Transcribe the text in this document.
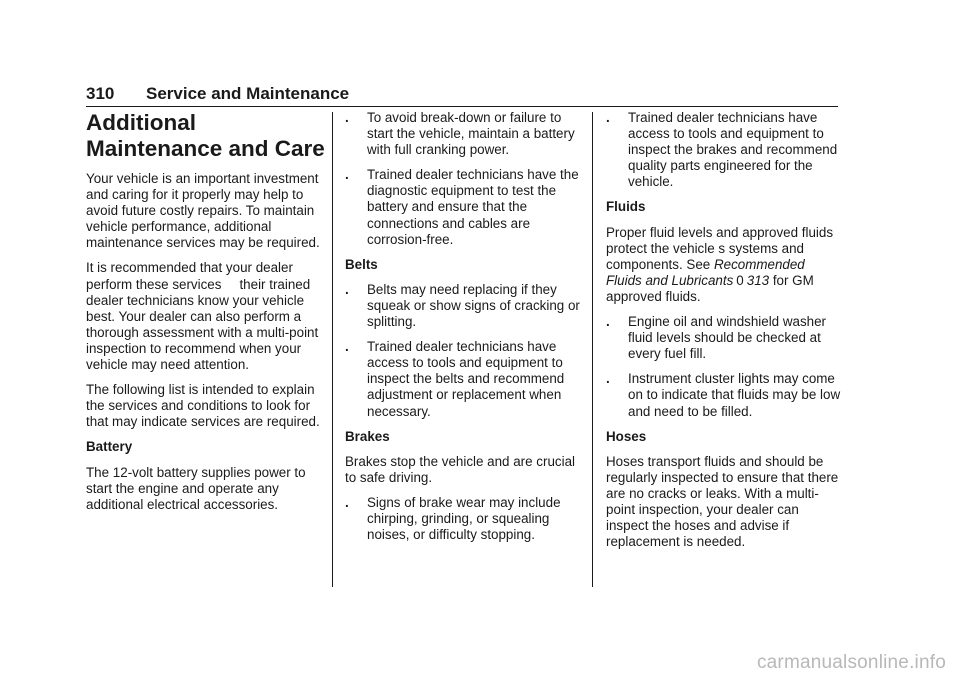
310 Service and Maintenance
Additional
Maintenance and Care

Your vehicle is an important investment and caring for it properly may help to avoid future costly repairs. To maintain vehicle performance, additional maintenance services may be required.

It is recommended that your dealer perform these services their trained dealer technicians know your vehicle best. Your dealer can also perform a thorough assessment with a multi-point inspection to recommend when your vehicle may need attention.

The following list is intended to explain the services and conditions to look for that may indicate services are required.

Battery

The 12-volt battery supplies power to start the engine and operate any additional electrical accessories.

. To avoid break-down or failure to start the vehicle, maintain a battery with full cranking power.
. Trained dealer technicians have the diagnostic equipment to test the battery and ensure that the connections and cables are corrosion-free.

Belts

. Belts may need replacing if they squeak or show signs of cracking or splitting.
. Trained dealer technicians have access to tools and equipment to inspect the belts and recommend adjustment or replacement when necessary.

Brakes

Brakes stop the vehicle and are crucial to safe driving.

. Signs of brake wear may include chirping, grinding, or squealing noises, or difficulty stopping.
. Trained dealer technicians have access to tools and equipment to inspect the brakes and recommend quality parts engineered for the vehicle.

Fluids

Proper fluid levels and approved fluids protect the vehicle s systems and components. See Recommended Fluids and Lubricants 0 313 for GM approved fluids.

. Engine oil and windshield washer fluid levels should be checked at every fuel fill.
. Instrument cluster lights may come on to indicate that fluids may be low and need to be filled.

Hoses

Hoses transport fluids and should be regularly inspected to ensure that there are no cracks or leaks. With a multi-point inspection, your dealer can inspect the hoses and advise if replacement is needed.

carmanualsonline.info
